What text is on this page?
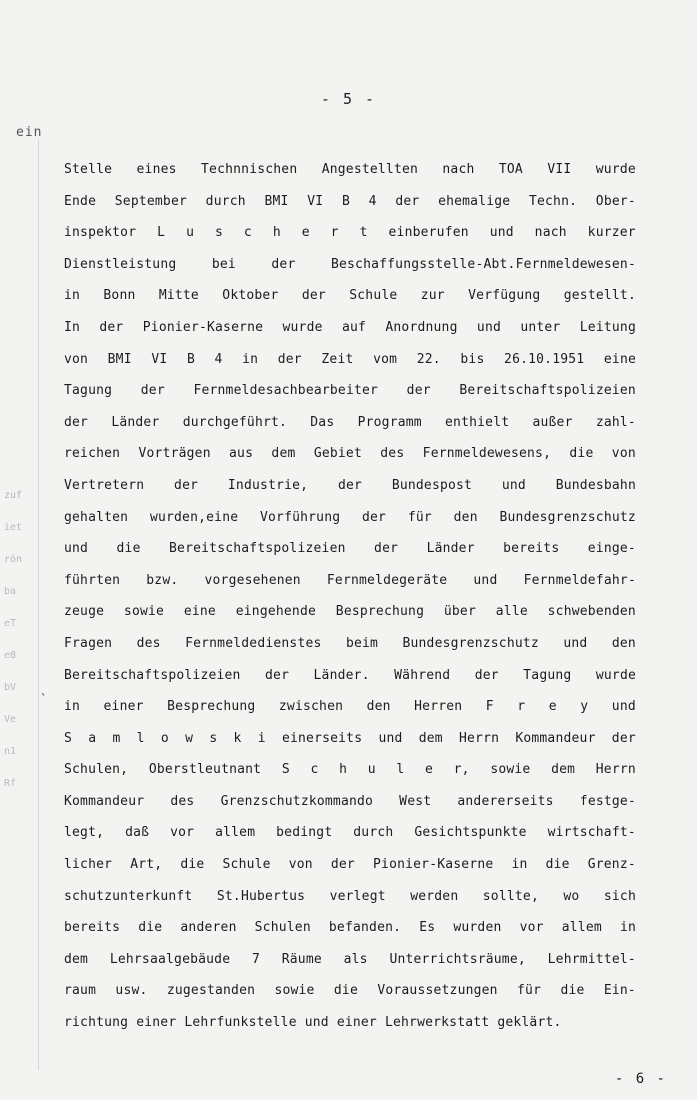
- 5 -
ein
zuf
iet
rön
ba
eT
e8
bV
Ve
n1
Rf
`
Stelle eines Technnischen Angestellten nach TOA VII wurde
Ende September durch BMI VI B 4 der ehemalige Techn. Ober-
inspektor L u s c h e r t einberufen und nach kurzer
Dienstleistung	bei	der	Beschaffungsstelle-Abt.Fernmeldewesen-
in Bonn Mitte Oktober der Schule zur Verfügung gestellt.
In der Pionier-Kaserne wurde auf Anordnung und unter Leitung
von BMI VI B 4 in der Zeit vom 22. bis 26.10.1951 eine
Tagung der Fernmeldesachbearbeiter der Bereitschaftspolizeien
der Länder durchgeführt. Das Programm enthielt außer zahl-
reichen Vorträgen aus dem Gebiet des Fernmeldewesens, die von
Vertretern der Industrie, der Bundespost und Bundesbahn
gehalten wurden,eine Vorführung der für den Bundesgrenzschutz
und die Bereitschaftspolizeien der Länder bereits einge-
führten bzw. vorgesehenen Fernmeldegeräte und Fernmeldefahr-
zeuge sowie eine eingehende Besprechung über alle schwebenden
Fragen des Fernmeldedienstes beim Bundesgrenzschutz und den
Bereitschaftspolizeien der Länder. Während der Tagung wurde
in einer Besprechung zwischen den Herren F r e y und
S a m l o w s k i einerseits und dem Herrn Kommandeur der
Schulen, Oberstleutnant S c h u l e r, sowie dem Herrn
Kommandeur des Grenzschutzkommando West andererseits festge-
legt, daß vor allem bedingt durch Gesichtspunkte wirtschaft-
licher Art, die Schule von der Pionier-Kaserne in die Grenz-
schutzunterkunft St.Hubertus verlegt werden sollte, wo sich
bereits die anderen Schulen befanden. Es wurden vor allem in
dem Lehrsaalgebäude 7 Räume als Unterrichtsräume, Lehrmittel-
raum usw. zugestanden sowie die Voraussetzungen für die Ein-
richtung einer Lehrfunkstelle und einer Lehrwerkstatt geklärt.
- 6 -
